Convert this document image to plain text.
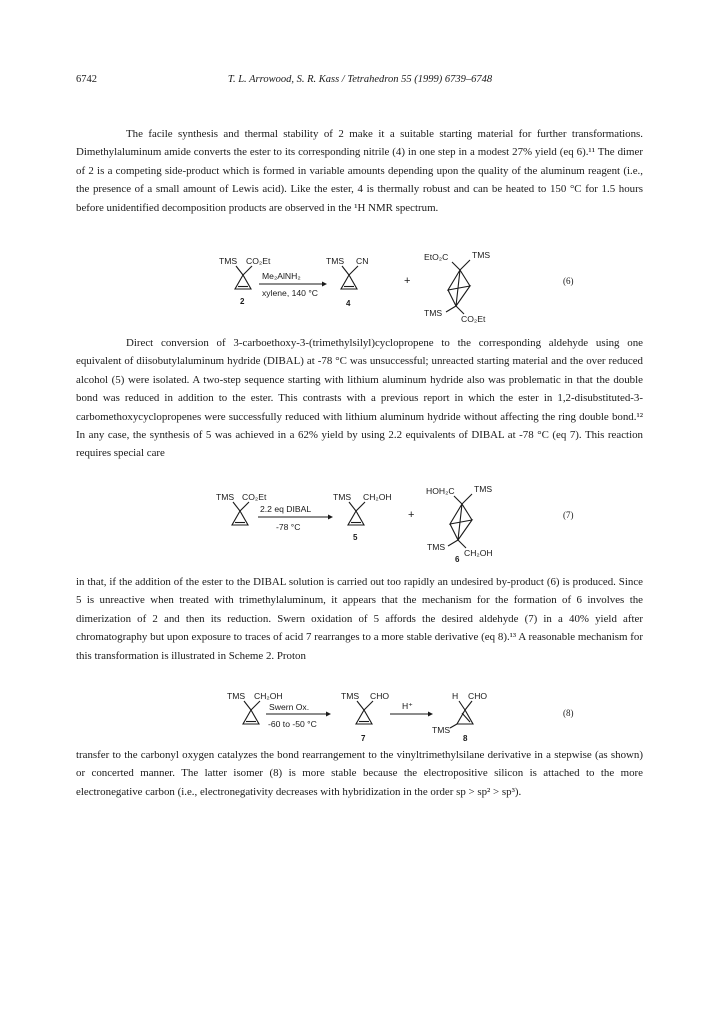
6742	T. L. Arrowood, S. R. Kass / Tetrahedron 55 (1999) 6739–6748

The facile synthesis and thermal stability of 2 make it a suitable starting material for further transformations. Dimethylaluminum amide converts the ester to its corresponding nitrile (4) in one step in a modest 27% yield (eq 6).¹¹ The dimer of 2 is a competing side-product which is formed in variable amounts depending upon the quality of the aluminum reagent (i.e., the presence of a small amount of Lewis acid). Like the ester, 4 is thermally robust and can be heated to 150 °C for 1.5 hours before unidentified decomposition products are observed in the ¹H NMR spectrum.

TMS CO₂Et
2
Me₂AlNH₂
xylene, 140 °C
TMS CN
4
+
EtO₂C	TMS
TMS
CO₂Et
(6)

Direct conversion of 3-carboethoxy-3-(trimethylsilyl)cyclopropene to the corresponding aldehyde using one equivalent of diisobutylaluminum hydride (DIBAL) at -78 °C was unsuccessful; unreacted starting material and the over reduced alcohol (5) were isolated. A two-step sequence starting with lithium aluminum hydride also was problematic in that the double bond was reduced in addition to the ester. This contrasts with a previous report in which the ester in 1,2-disubstituted-3-carbomethoxycyclopropenes were successfully reduced with lithium aluminum hydride without affecting the ring double bond.¹² In any case, the synthesis of 5 was achieved in a 62% yield by using 2.2 equivalents of DIBAL at -78 °C (eq 7). This reaction requires special care

TMS CO₂Et
2.2 eq DIBAL
-78 °C
TMS CH₂OH
5
+
HOH₂C TMS
TMS
CH₂OH
6
(7)

in that, if the addition of the ester to the DIBAL solution is carried out too rapidly an undesired by-product (6) is produced. Since 5 is unreactive when treated with trimethylaluminum, it appears that the mechanism for the formation of 6 involves the dimerization of 2 and then its reduction. Swern oxidation of 5 affords the desired aldehyde (7) in a 40% yield after chromatography but upon exposure to traces of acid 7 rearranges to a more stable derivative (eq 8).¹³ A reasonable mechanism for this transformation is illustrated in Scheme 2. Proton

TMS CH₂OH
Swern Ox.
-60 to -50 °C
TMS CHO
7
H⁺
H CHO
TMS
8
(8)

transfer to the carbonyl oxygen catalyzes the bond rearrangement to the vinyltrimethylsilane derivative in a stepwise (as shown) or concerted manner. The latter isomer (8) is more stable because the electropositive silicon is attached to the more electronegative carbon (i.e., electronegativity decreases with hybridization in the order sp > sp² > sp³).
